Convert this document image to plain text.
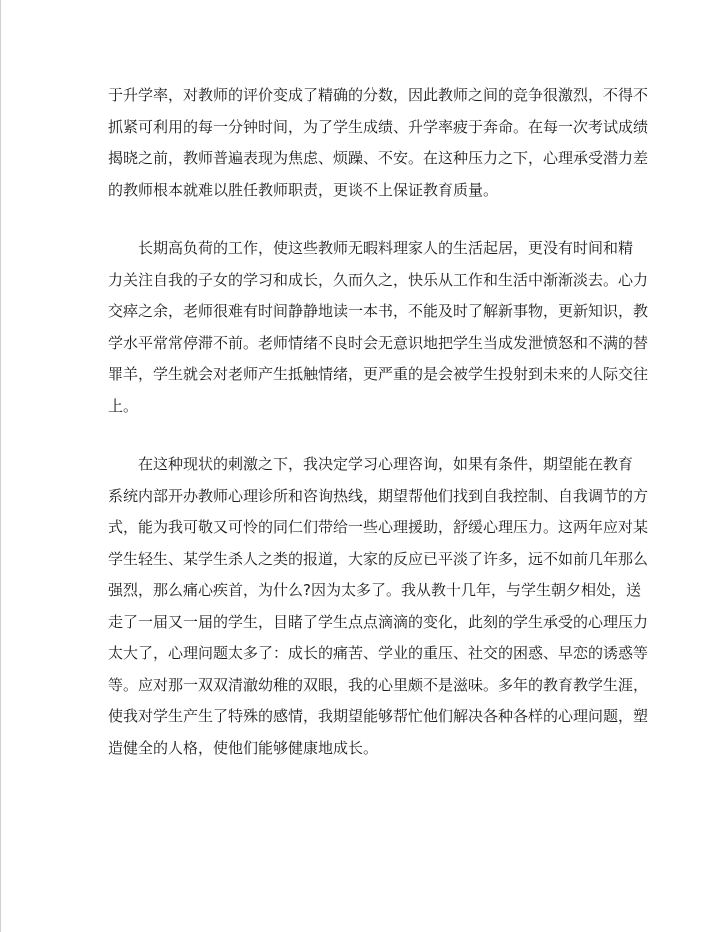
于升学率，对教师的评价变成了精确的分数，因此教师之间的竞争很激烈，不得不
抓紧可利用的每一分钟时间，为了学生成绩、升学率疲于奔命。在每一次考试成绩
揭晓之前，教师普遍表现为焦虑、烦躁、不安。在这种压力之下，心理承受潜力差
的教师根本就难以胜任教师职责，更谈不上保证教育质量。
　　长期高负荷的工作，使这些教师无暇料理家人的生活起居，更没有时间和精
力关注自我的子女的学习和成长，久而久之，快乐从工作和生活中渐渐淡去。心力
交瘁之余，老师很难有时间静静地读一本书，不能及时了解新事物，更新知识，教
学水平常常停滞不前。老师情绪不良时会无意识地把学生当成发泄愤怒和不满的替
罪羊，学生就会对老师产生抵触情绪，更严重的是会被学生投射到未来的人际交往
上。
　　在这种现状的刺激之下，我决定学习心理咨询，如果有条件，期望能在教育
系统内部开办教师心理诊所和咨询热线，期望帮他们找到自我控制、自我调节的方
式，能为我可敬又可怜的同仁们带给一些心理援助，舒缓心理压力。这两年应对某
学生轻生、某学生杀人之类的报道，大家的反应已平淡了许多，远不如前几年那么
强烈，那么痛心疾首，为什么?因为太多了。我从教十几年，与学生朝夕相处，送
走了一届又一届的学生，目睹了学生点点滴滴的变化，此刻的学生承受的心理压力
太大了，心理问题太多了：成长的痛苦、学业的重压、社交的困惑、早恋的诱惑等
等。应对那一双双清澈幼稚的双眼，我的心里颇不是滋味。多年的教育教学生涯，
使我对学生产生了特殊的感情，我期望能够帮忙他们解决各种各样的心理问题，塑
造健全的人格，使他们能够健康地成长。
